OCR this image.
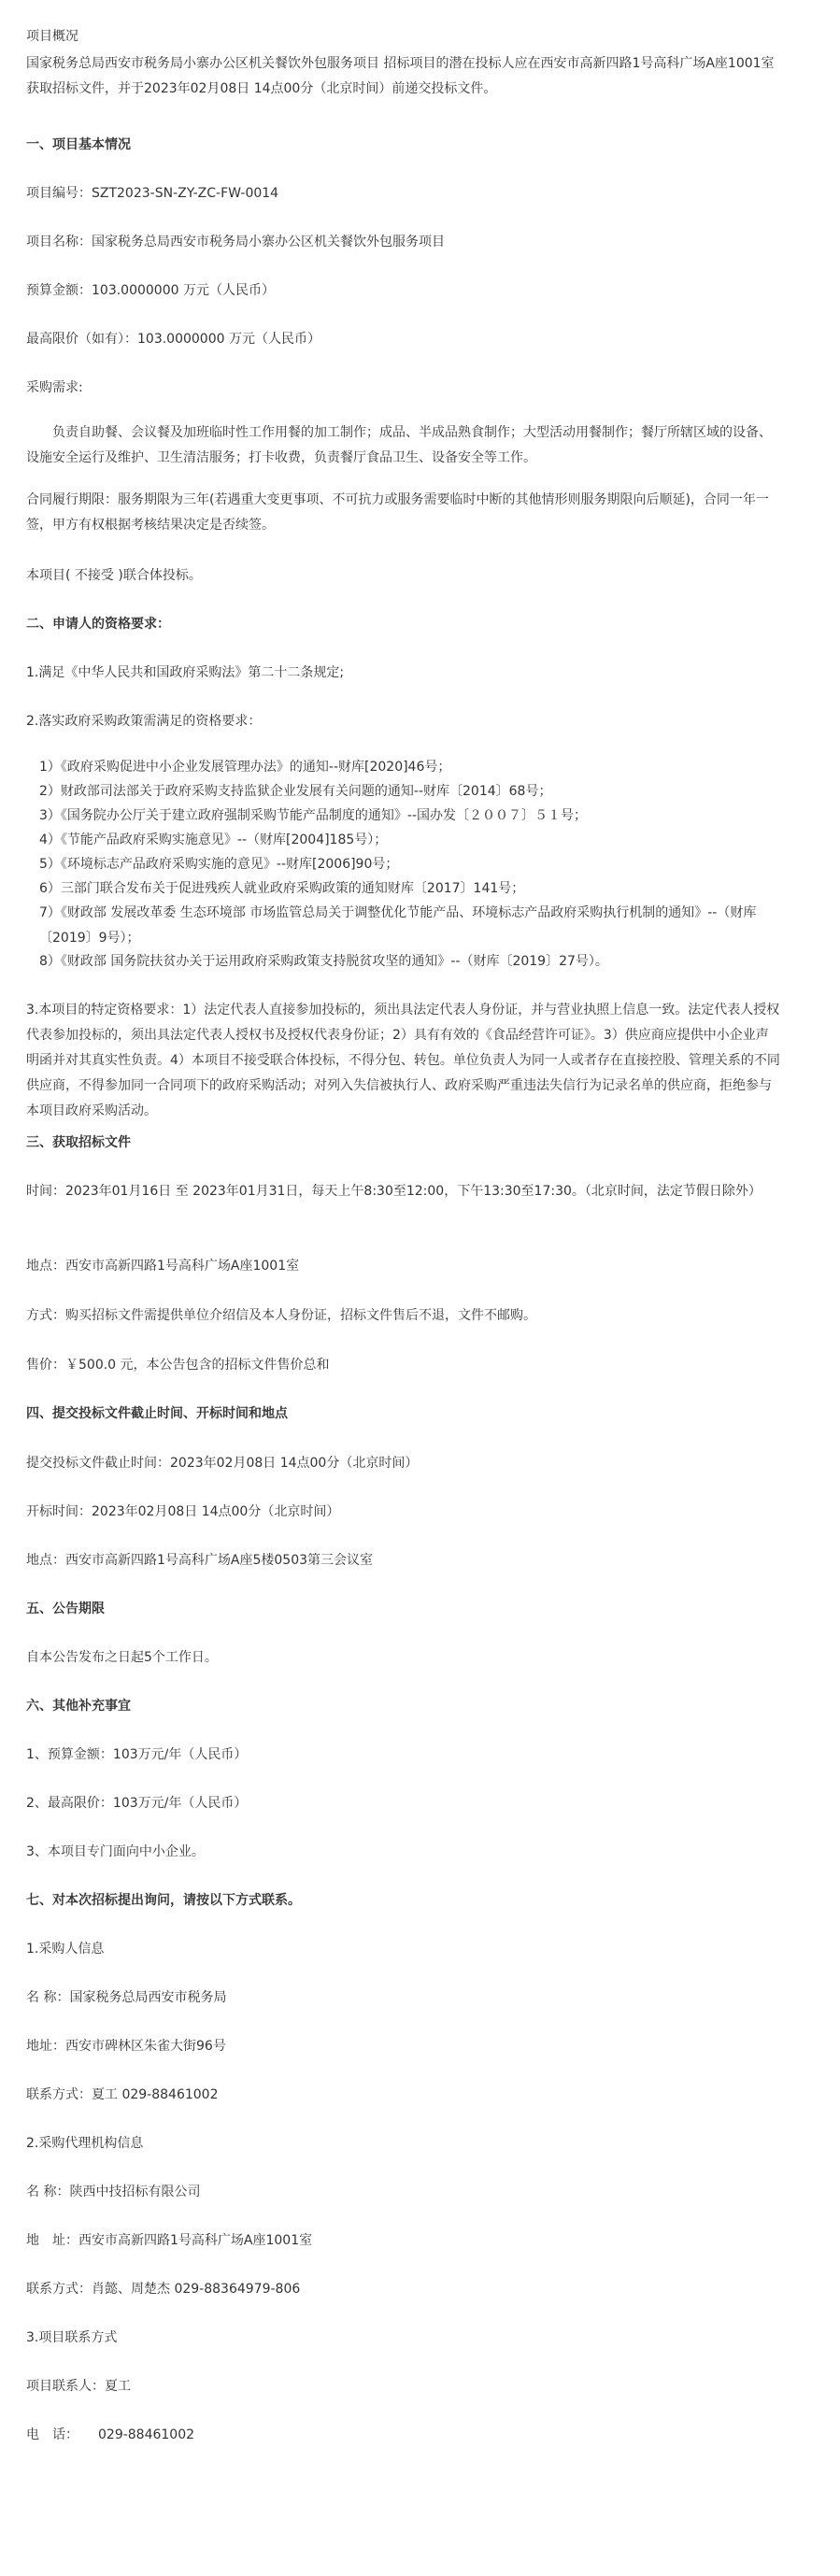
项目概况
国家税务总局西安市税务局小寨办公区机关餐饮外包服务项目 招标项目的潜在投标人应在西安市高新四路1号高科广场A座1001室获取招标文件，并于2023年02月08日 14点00分（北京时间）前递交投标文件。
一、项目基本情况
项目编号：SZT2023-SN-ZY-ZC-FW-0014
项目名称：国家税务总局西安市税务局小寨办公区机关餐饮外包服务项目
预算金额：103.0000000 万元（人民币）
最高限价（如有）：103.0000000 万元（人民币）
采购需求:
负责自助餐、会议餐及加班临时性工作用餐的加工制作；成品、半成品熟食制作；大型活动用餐制作；餐厅所辖区域的设备、设施安全运行及维护、卫生清洁服务；打卡收费，负责餐厅食品卫生、设备安全等工作。
合同履行期限：服务期限为三年(若遇重大变更事项、不可抗力或服务需要临时中断的其他情形则服务期限向后顺延)，合同一年一签，甲方有权根据考核结果决定是否续签。
本项目( 不接受 )联合体投标。
二、申请人的资格要求：
1.满足《中华人民共和国政府采购法》第二十二条规定;
2.落实政府采购政策需满足的资格要求：
1）《政府采购促进中小企业发展管理办法》的通知--财库[2020]46号；
2）财政部司法部关于政府采购支持监狱企业发展有关问题的通知--财库〔2014〕68号；
3）《国务院办公厅关于建立政府强制采购节能产品制度的通知》--国办发〔２００７〕５１号；
4）《节能产品政府采购实施意见》--（财库[2004]185号）；
5）《环境标志产品政府采购实施的意见》--财库[2006]90号；
6）三部门联合发布关于促进残疾人就业政府采购政策的通知财库〔2017〕141号；
7）《财政部 发展改革委 生态环境部 市场监管总局关于调整优化节能产品、环境标志产品政府采购执行机制的通知》--（财库〔2019〕9号）；
8）《财政部 国务院扶贫办关于运用政府采购政策支持脱贫攻坚的通知》--（财库〔2019〕27号）。
3.本项目的特定资格要求：1）法定代表人直接参加投标的，须出具法定代表人身份证，并与营业执照上信息一致。法定代表人授权代表参加投标的，须出具法定代表人授权书及授权代表身份证；2）具有有效的《食品经营许可证》。3）供应商应提供中小企业声明函并对其真实性负责。4）本项目不接受联合体投标，不得分包、转包。单位负责人为同一人或者存在直接控股、管理关系的不同供应商，不得参加同一合同项下的政府采购活动；对列入失信被执行人、政府采购严重违法失信行为记录名单的供应商，拒绝参与本项目政府采购活动。
三、获取招标文件
时间：2023年01月16日 至 2023年01月31日，每天上午8:30至12:00，下午13:30至17:30。（北京时间，法定节假日除外）
地点：西安市高新四路1号高科广场A座1001室
方式：购买招标文件需提供单位介绍信及本人身份证，招标文件售后不退，文件不邮购。
售价：￥500.0 元，本公告包含的招标文件售价总和
四、提交投标文件截止时间、开标时间和地点
提交投标文件截止时间：2023年02月08日 14点00分（北京时间）
开标时间：2023年02月08日 14点00分（北京时间）
地点：西安市高新四路1号高科广场A座5楼0503第三会议室
五、公告期限
自本公告发布之日起5个工作日。
六、其他补充事宜
1、预算金额：103万元/年（人民币）
2、最高限价：103万元/年（人民币）
3、本项目专门面向中小企业。
七、对本次招标提出询问，请按以下方式联系。
1.采购人信息
名 称：国家税务总局西安市税务局
地址：西安市碑林区朱雀大街96号
联系方式：夏工 029-88461002
2.采购代理机构信息
名 称：陕西中技招标有限公司
地　址：西安市高新四路1号高科广场A座1001室
联系方式：肖懿、周楚杰 029-88364979-806
3.项目联系方式
项目联系人：夏工
电　话：　　029-88461002
